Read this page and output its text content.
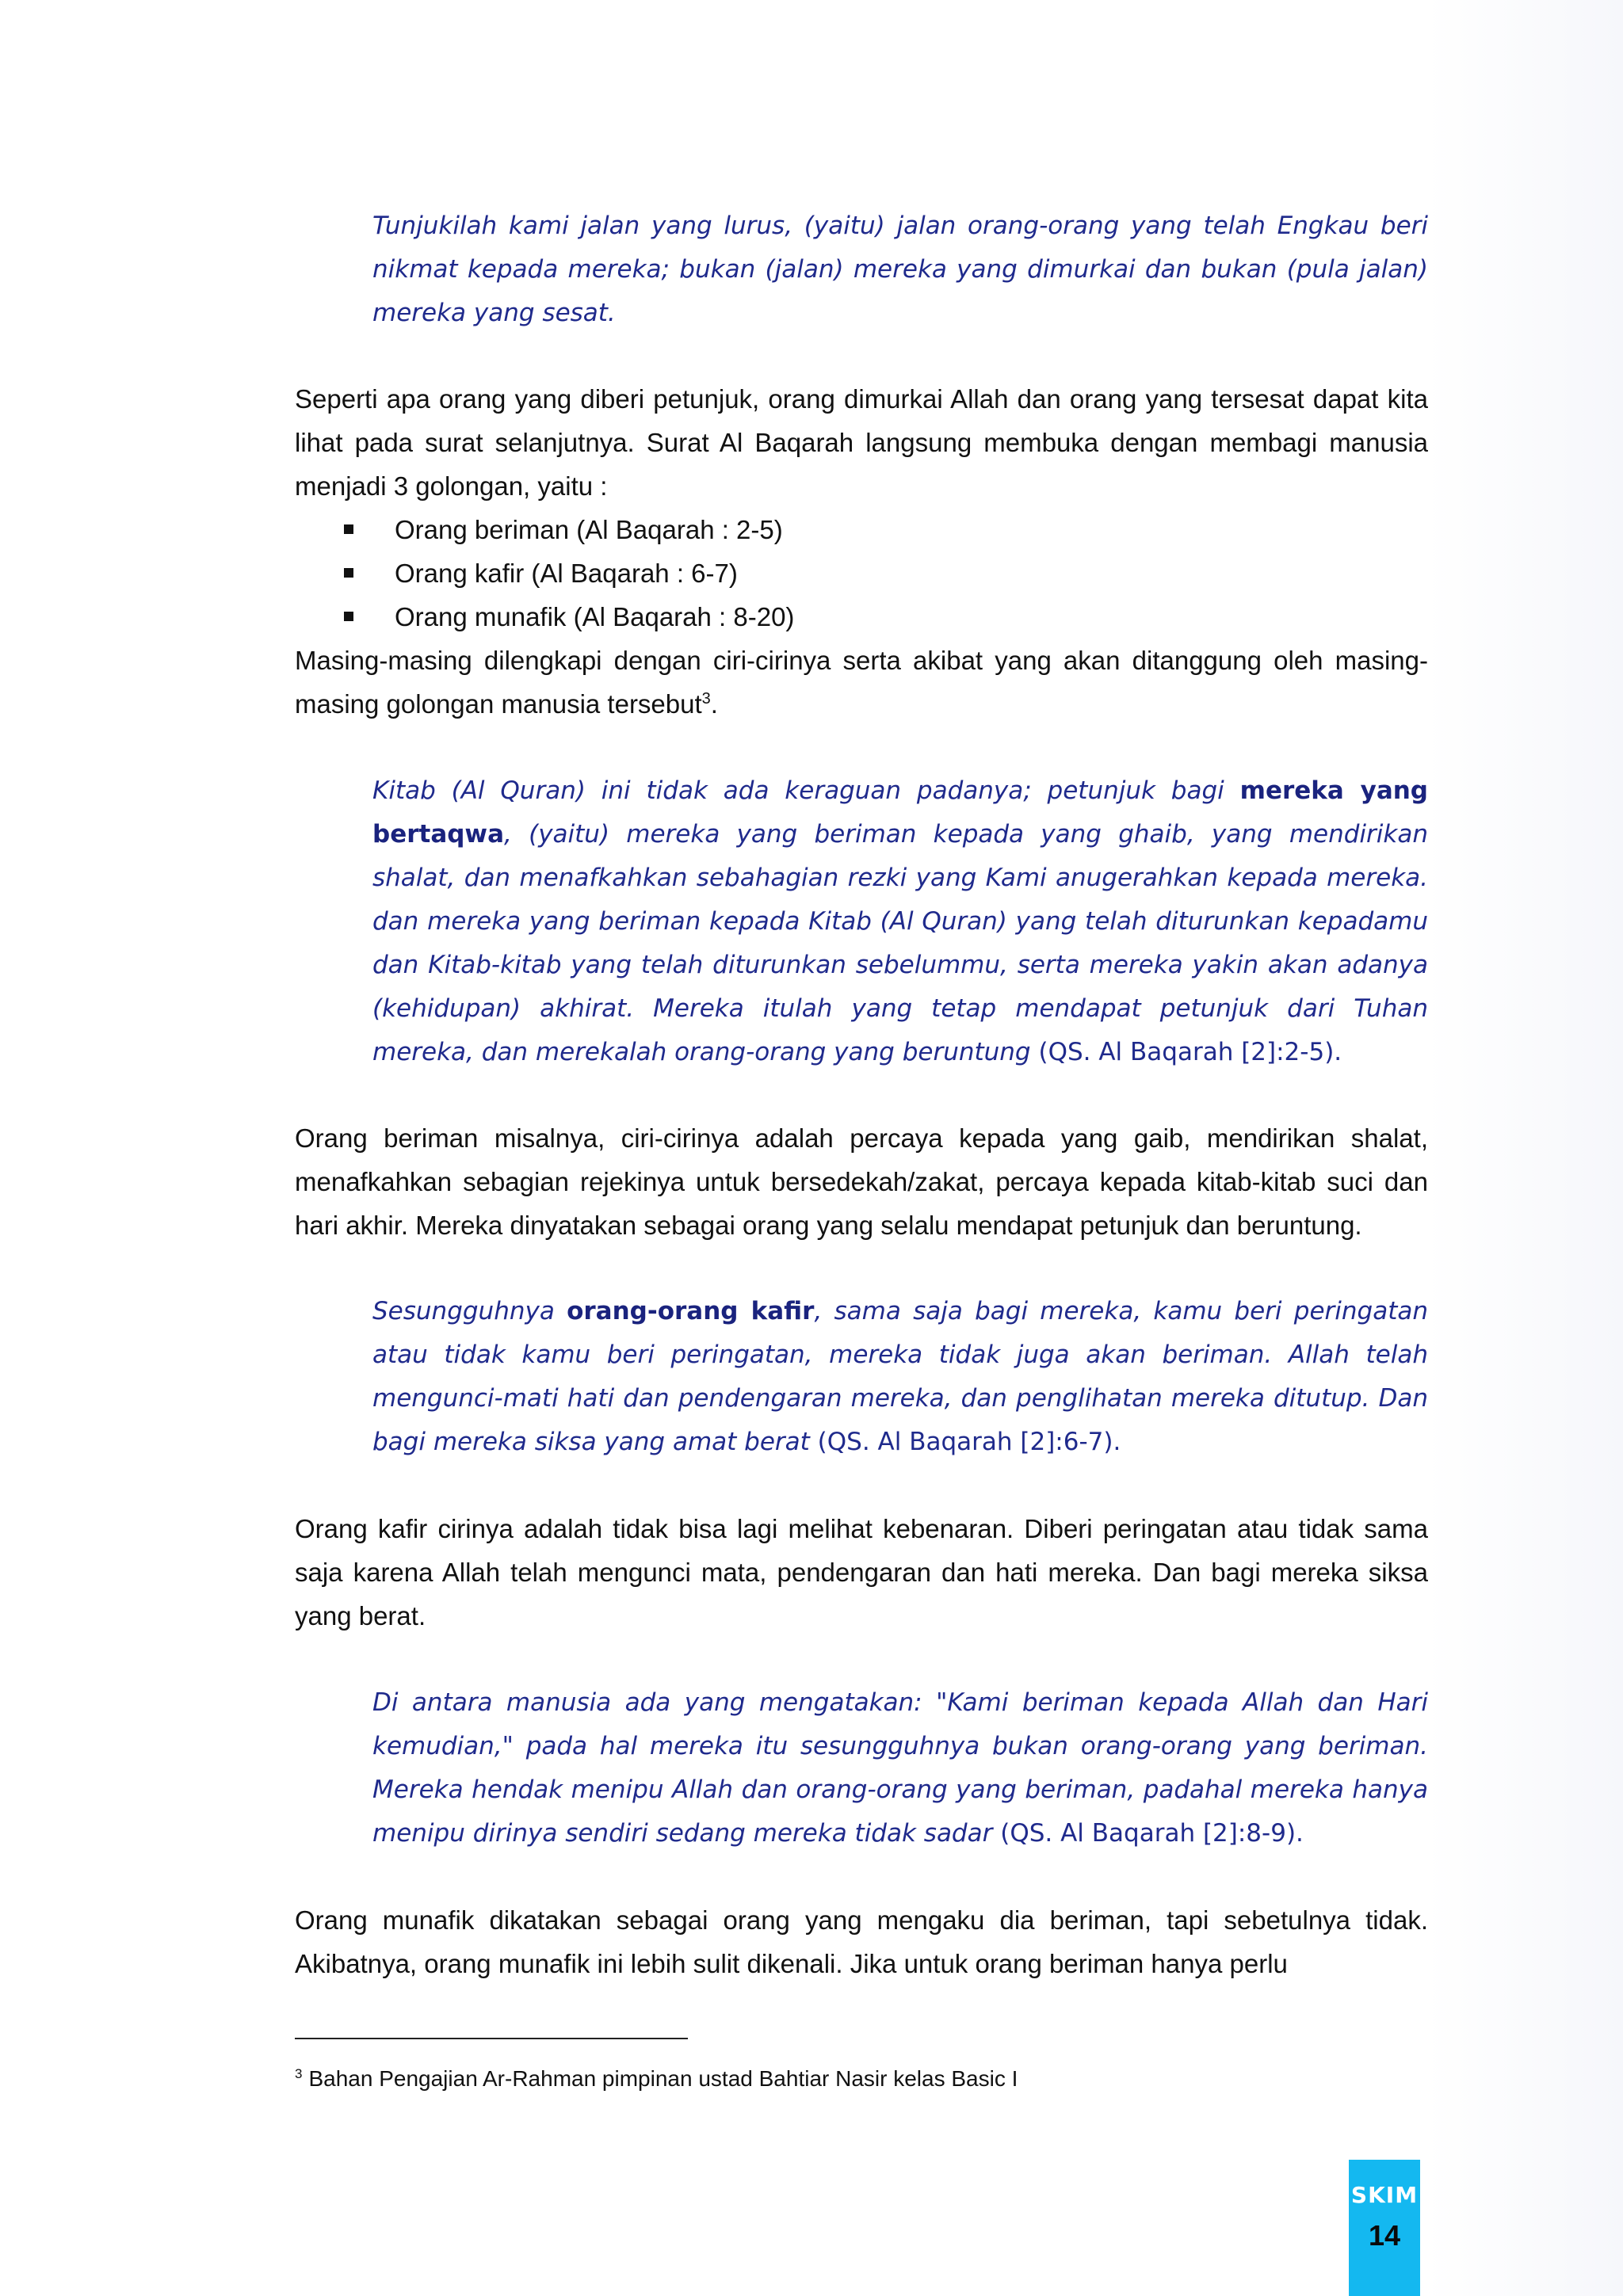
Tunjukilah kami jalan yang lurus, (yaitu) jalan orang-orang yang telah Engkau beri nikmat kepada mereka; bukan (jalan) mereka yang dimurkai dan bukan (pula jalan) mereka yang sesat.

Seperti apa orang yang diberi petunjuk, orang dimurkai Allah dan orang yang tersesat dapat kita lihat pada surat selanjutnya. Surat Al Baqarah langsung membuka dengan membagi manusia menjadi 3 golongan, yaitu :

Orang beriman (Al Baqarah : 2-5)
Orang kafir (Al Baqarah : 6-7)
Orang munafik (Al Baqarah : 8-20)

Masing-masing dilengkapi dengan ciri-cirinya serta akibat yang akan ditanggung oleh masing-masing golongan manusia tersebut$^3$.

Kitab (Al Quran) ini tidak ada keraguan padanya; petunjuk bagi mereka yang bertaqwa, (yaitu) mereka yang beriman kepada yang ghaib, yang mendirikan shalat, dan menafkahkan sebahagian rezki yang Kami anugerahkan kepada mereka. dan mereka yang beriman kepada Kitab (Al Quran) yang telah diturunkan kepadamu dan Kitab-kitab yang telah diturunkan sebelummu, serta mereka yakin akan adanya (kehidupan) akhirat. Mereka itulah yang tetap mendapat petunjuk dari Tuhan mereka, dan merekalah orang-orang yang beruntung (QS. Al Baqarah [2]:2-5).

Orang beriman misalnya, ciri-cirinya adalah percaya kepada yang gaib, mendirikan shalat, menafkahkan sebagian rejekinya untuk bersedekah/zakat, percaya kepada kitab-kitab suci dan hari akhir. Mereka dinyatakan sebagai orang yang selalu mendapat petunjuk dan beruntung.

Sesungguhnya orang-orang kafir, sama saja bagi mereka, kamu beri peringatan atau tidak kamu beri peringatan, mereka tidak juga akan beriman. Allah telah mengunci-mati hati dan pendengaran mereka, dan penglihatan mereka ditutup. Dan bagi mereka siksa yang amat berat (QS. Al Baqarah [2]:6-7).

Orang kafir cirinya adalah tidak bisa lagi melihat kebenaran. Diberi peringatan atau tidak sama saja karena Allah telah mengunci mata, pendengaran dan hati mereka. Dan bagi mereka siksa yang berat.

Di antara manusia ada yang mengatakan: "Kami beriman kepada Allah dan Hari kemudian," pada hal mereka itu sesungguhnya bukan orang-orang yang beriman. Mereka hendak menipu Allah dan orang-orang yang beriman, padahal mereka hanya menipu dirinya sendiri sedang mereka tidak sadar (QS. Al Baqarah [2]:8-9).

Orang munafik dikatakan sebagai orang yang mengaku dia beriman, tapi sebetulnya tidak. Akibatnya, orang munafik ini lebih sulit dikenali. Jika untuk orang beriman hanya perlu

$^3$ Bahan Pengajian Ar-Rahman pimpinan ustad Bahtiar Nasir kelas Basic I
SKIM
14
